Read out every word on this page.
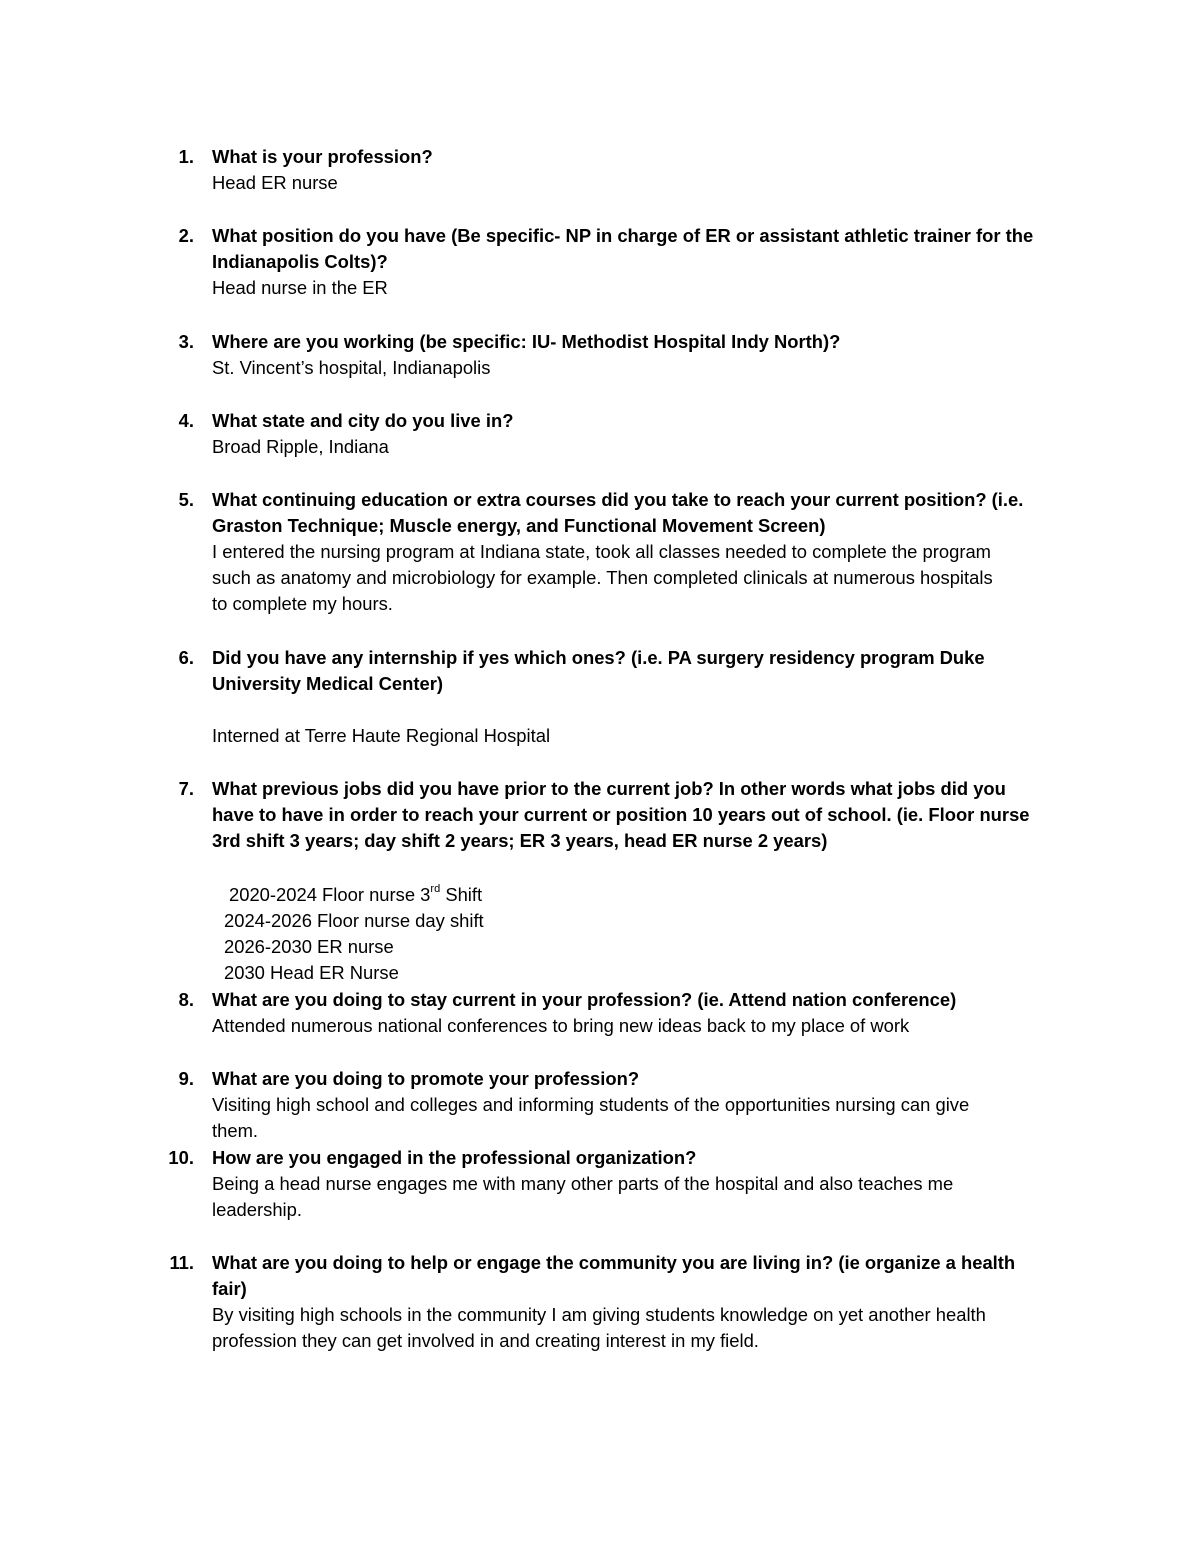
1. What is your profession?
Head ER nurse
2. What position do you have (Be specific- NP in charge of ER or assistant athletic trainer for the
Indianapolis Colts)?
Head nurse in the ER
3. Where are you working (be specific: IU- Methodist Hospital Indy North)?
St. Vincent’s hospital, Indianapolis
4. What state and city do you live in?
Broad Ripple, Indiana
5. What continuing education or extra courses did you take to reach your current position? (i.e.
Graston Technique; Muscle energy, and Functional Movement Screen)
I entered the nursing program at Indiana state, took all classes needed to complete the program
such as anatomy and microbiology for example. Then completed clinicals at numerous hospitals
to complete my hours.
6. Did you have any internship if yes which ones? (i.e. PA surgery residency program Duke
University Medical Center)
Interned at Terre Haute Regional Hospital
7. What previous jobs did you have prior to the current job? In other words what jobs did you
have to have in order to reach your current or position 10 years out of school. (ie. Floor nurse
3rd shift 3 years; day shift 2 years; ER 3 years, head ER nurse 2 years)
2020-2024 Floor nurse 3rd Shift
2024-2026 Floor nurse day shift
2026-2030 ER nurse
2030 Head ER Nurse
8. What are you doing to stay current in your profession? (ie. Attend nation conference)
Attended numerous national conferences to bring new ideas back to my place of work
9. What are you doing to promote your profession?
Visiting high school and colleges and informing students of the opportunities nursing can give
them.
10. How are you engaged in the professional organization?
Being a head nurse engages me with many other parts of the hospital and also teaches me
leadership.
11. What are you doing to help or engage the community you are living in? (ie organize a health
fair)
By visiting high schools in the community I am giving students knowledge on yet another health
profession they can get involved in and creating interest in my field.
